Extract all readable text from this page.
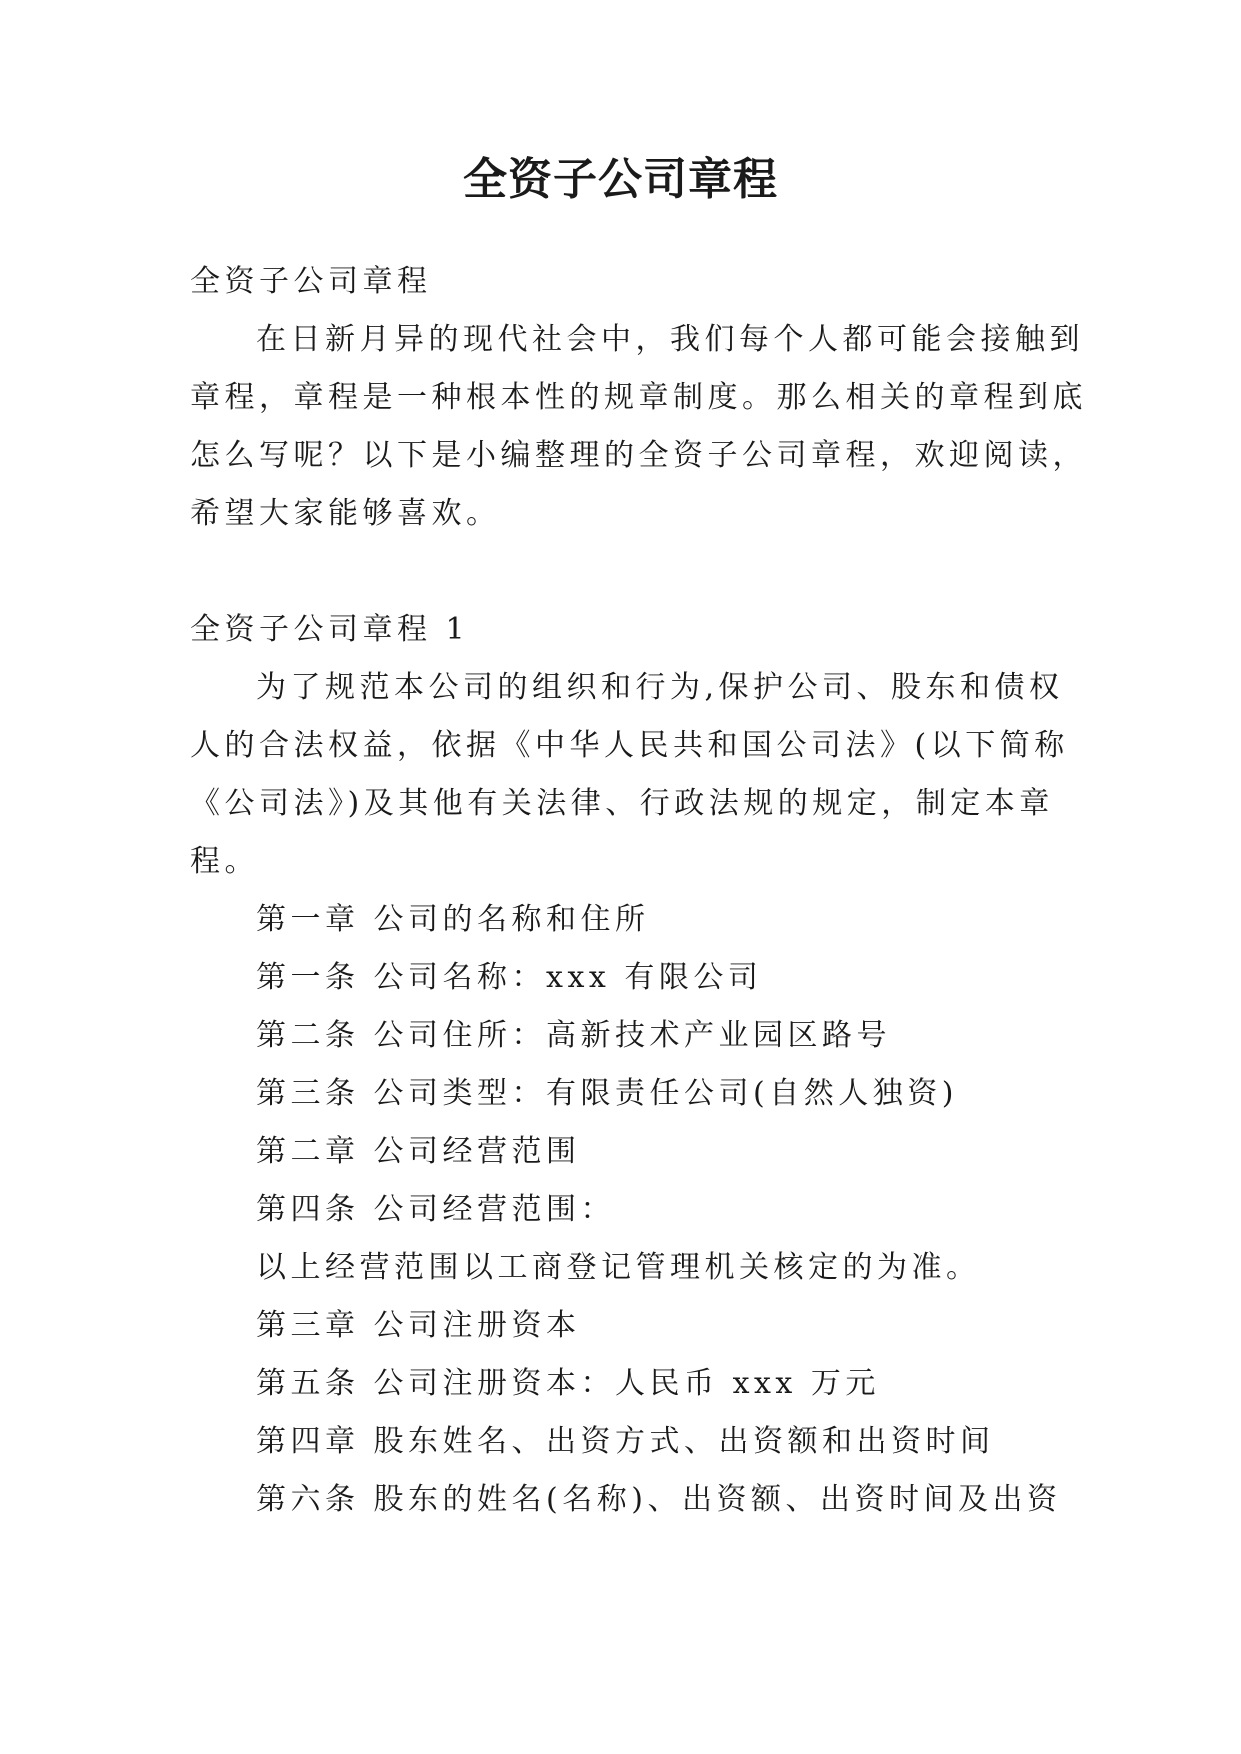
全资子公司章程
全资子公司章程
在日新月异的现代社会中，我们每个人都可能会接触到
章程，章程是一种根本性的规章制度。那么相关的章程到底
怎么写呢？以下是小编整理的全资子公司章程，欢迎阅读，
希望大家能够喜欢。
全资子公司章程 1
为了规范本公司的组织和行为,保护公司、股东和债权
人的合法权益，依据《中华人民共和国公司法》(以下简称
《公司法》)及其他有关法律、行政法规的规定，制定本章
程。
第一章 公司的名称和住所
第一条 公司名称：xxx 有限公司
第二条 公司住所：高新技术产业园区路号
第三条 公司类型：有限责任公司(自然人独资)
第二章 公司经营范围
第四条 公司经营范围：
以上经营范围以工商登记管理机关核定的为准。
第三章 公司注册资本
第五条 公司注册资本：人民币 xxx 万元
第四章 股东姓名、出资方式、出资额和出资时间
第六条 股东的姓名(名称)、出资额、出资时间及出资
